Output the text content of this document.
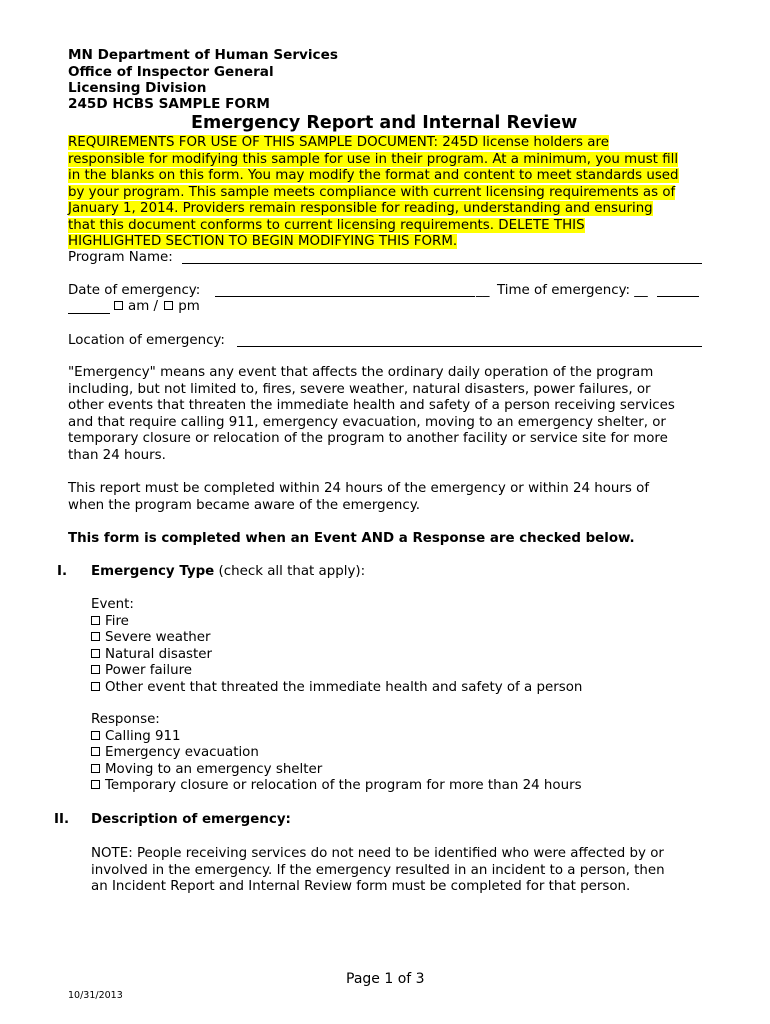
MN Department of Human Services
Office of Inspector General
Licensing Division
245D HCBS SAMPLE FORM
Emergency Report and Internal Review
REQUIREMENTS FOR USE OF THIS SAMPLE DOCUMENT: 245D license holders are
responsible for modifying this sample for use in their program. At a minimum, you must fill
in the blanks on this form. You may modify the format and content to meet standards used
by your program. This sample meets compliance with current licensing requirements as of
January 1, 2014. Providers remain responsible for reading, understanding and ensuring
that this document conforms to current licensing requirements. DELETE THIS
HIGHLIGHTED SECTION TO BEGIN MODIFYING THIS FORM.
Program Name:
Date of emergency:	__ Time of emergency: __
am / pm
Location of emergency:
"Emergency" means any event that affects the ordinary daily operation of the program
including, but not limited to, fires, severe weather, natural disasters, power failures, or
other events that threaten the immediate health and safety of a person receiving services
and that require calling 911, emergency evacuation, moving to an emergency shelter, or
temporary closure or relocation of the program to another facility or service site for more
than 24 hours.
This report must be completed within 24 hours of the emergency or within 24 hours of
when the program became aware of the emergency.
This form is completed when an Event AND a Response are checked below.
I. Emergency Type (check all that apply):
Event:
Fire
Severe weather
Natural disaster
Power failure
Other event that threated the immediate health and safety of a person
Response:
Calling 911
Emergency evacuation
Moving to an emergency shelter
Temporary closure or relocation of the program for more than 24 hours
II. Description of emergency:
NOTE: People receiving services do not need to be identified who were affected by or
involved in the emergency. If the emergency resulted in an incident to a person, then
an Incident Report and Internal Review form must be completed for that person.
Page 1 of 3
10/31/2013
